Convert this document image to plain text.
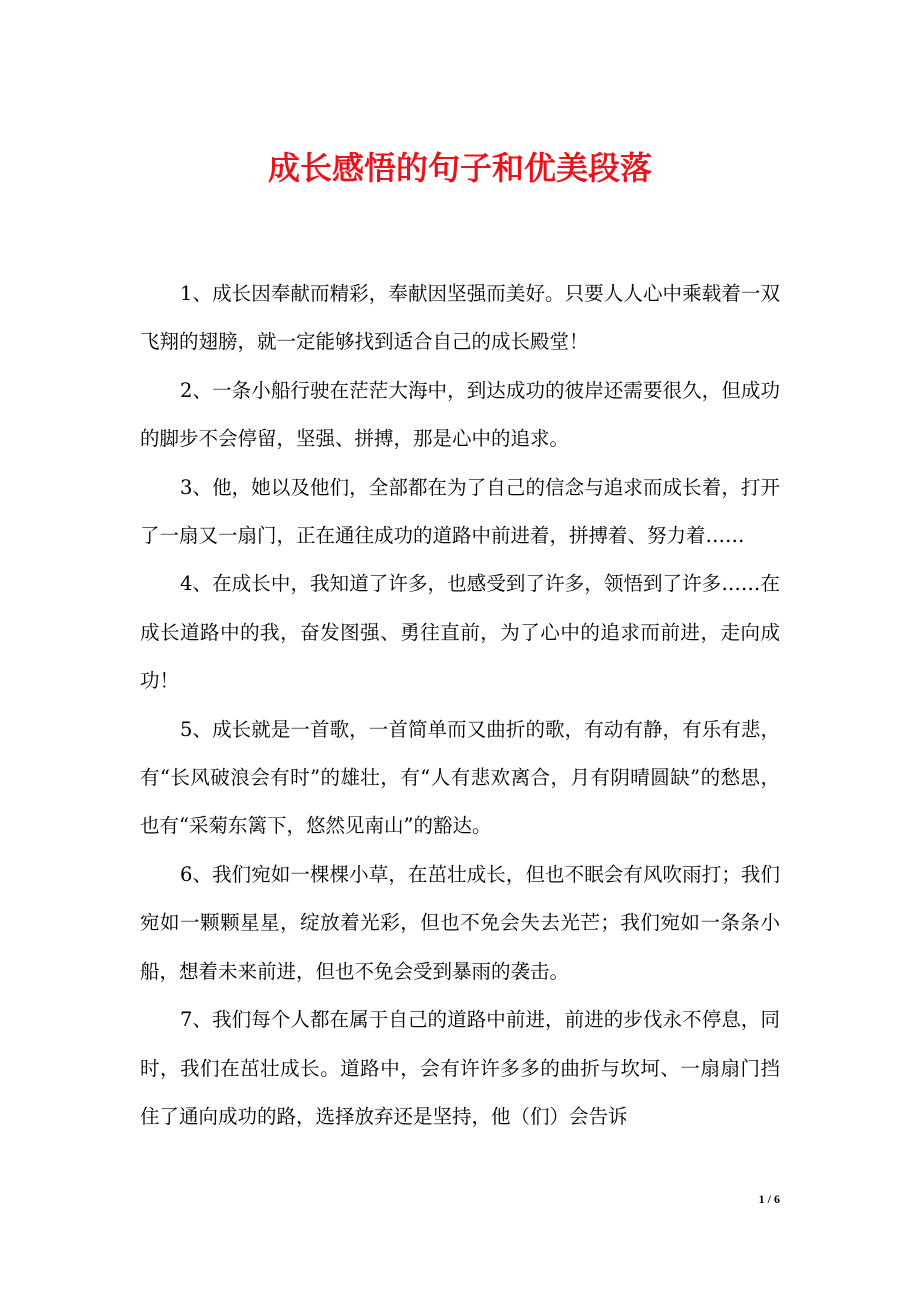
成长感悟的句子和优美段落

1、成长因奉献而精彩，奉献因坚强而美好。只要人人心中乘载着一双飞翔的翅膀，就一定能够找到适合自己的成长殿堂！

2、一条小船行驶在茫茫大海中，到达成功的彼岸还需要很久，但成功的脚步不会停留，坚强、拼搏，那是心中的追求。

3、他，她以及他们，全部都在为了自己的信念与追求而成长着，打开了一扇又一扇门，正在通往成功的道路中前进着，拼搏着、努力着……

4、在成长中，我知道了许多，也感受到了许多，领悟到了许多……在成长道路中的我，奋发图强、勇往直前，为了心中的追求而前进，走向成功！

5、成长就是一首歌，一首简单而又曲折的歌，有动有静，有乐有悲，有“长风破浪会有时”的雄壮，有“人有悲欢离合，月有阴晴圆缺”的愁思，也有“采菊东篱下，悠然见南山”的豁达。

6、我们宛如一棵棵小草，在茁壮成长，但也不眠会有风吹雨打；我们宛如一颗颗星星，绽放着光彩，但也不免会失去光芒；我们宛如一条条小船，想着未来前进，但也不免会受到暴雨的袭击。

7、我们每个人都在属于自己的道路中前进，前进的步伐永不停息，同时，我们在茁壮成长。道路中，会有许许多多的曲折与坎坷、一扇扇门挡住了通向成功的路，选择放弃还是坚持，他（们）会告诉

1 / 6
